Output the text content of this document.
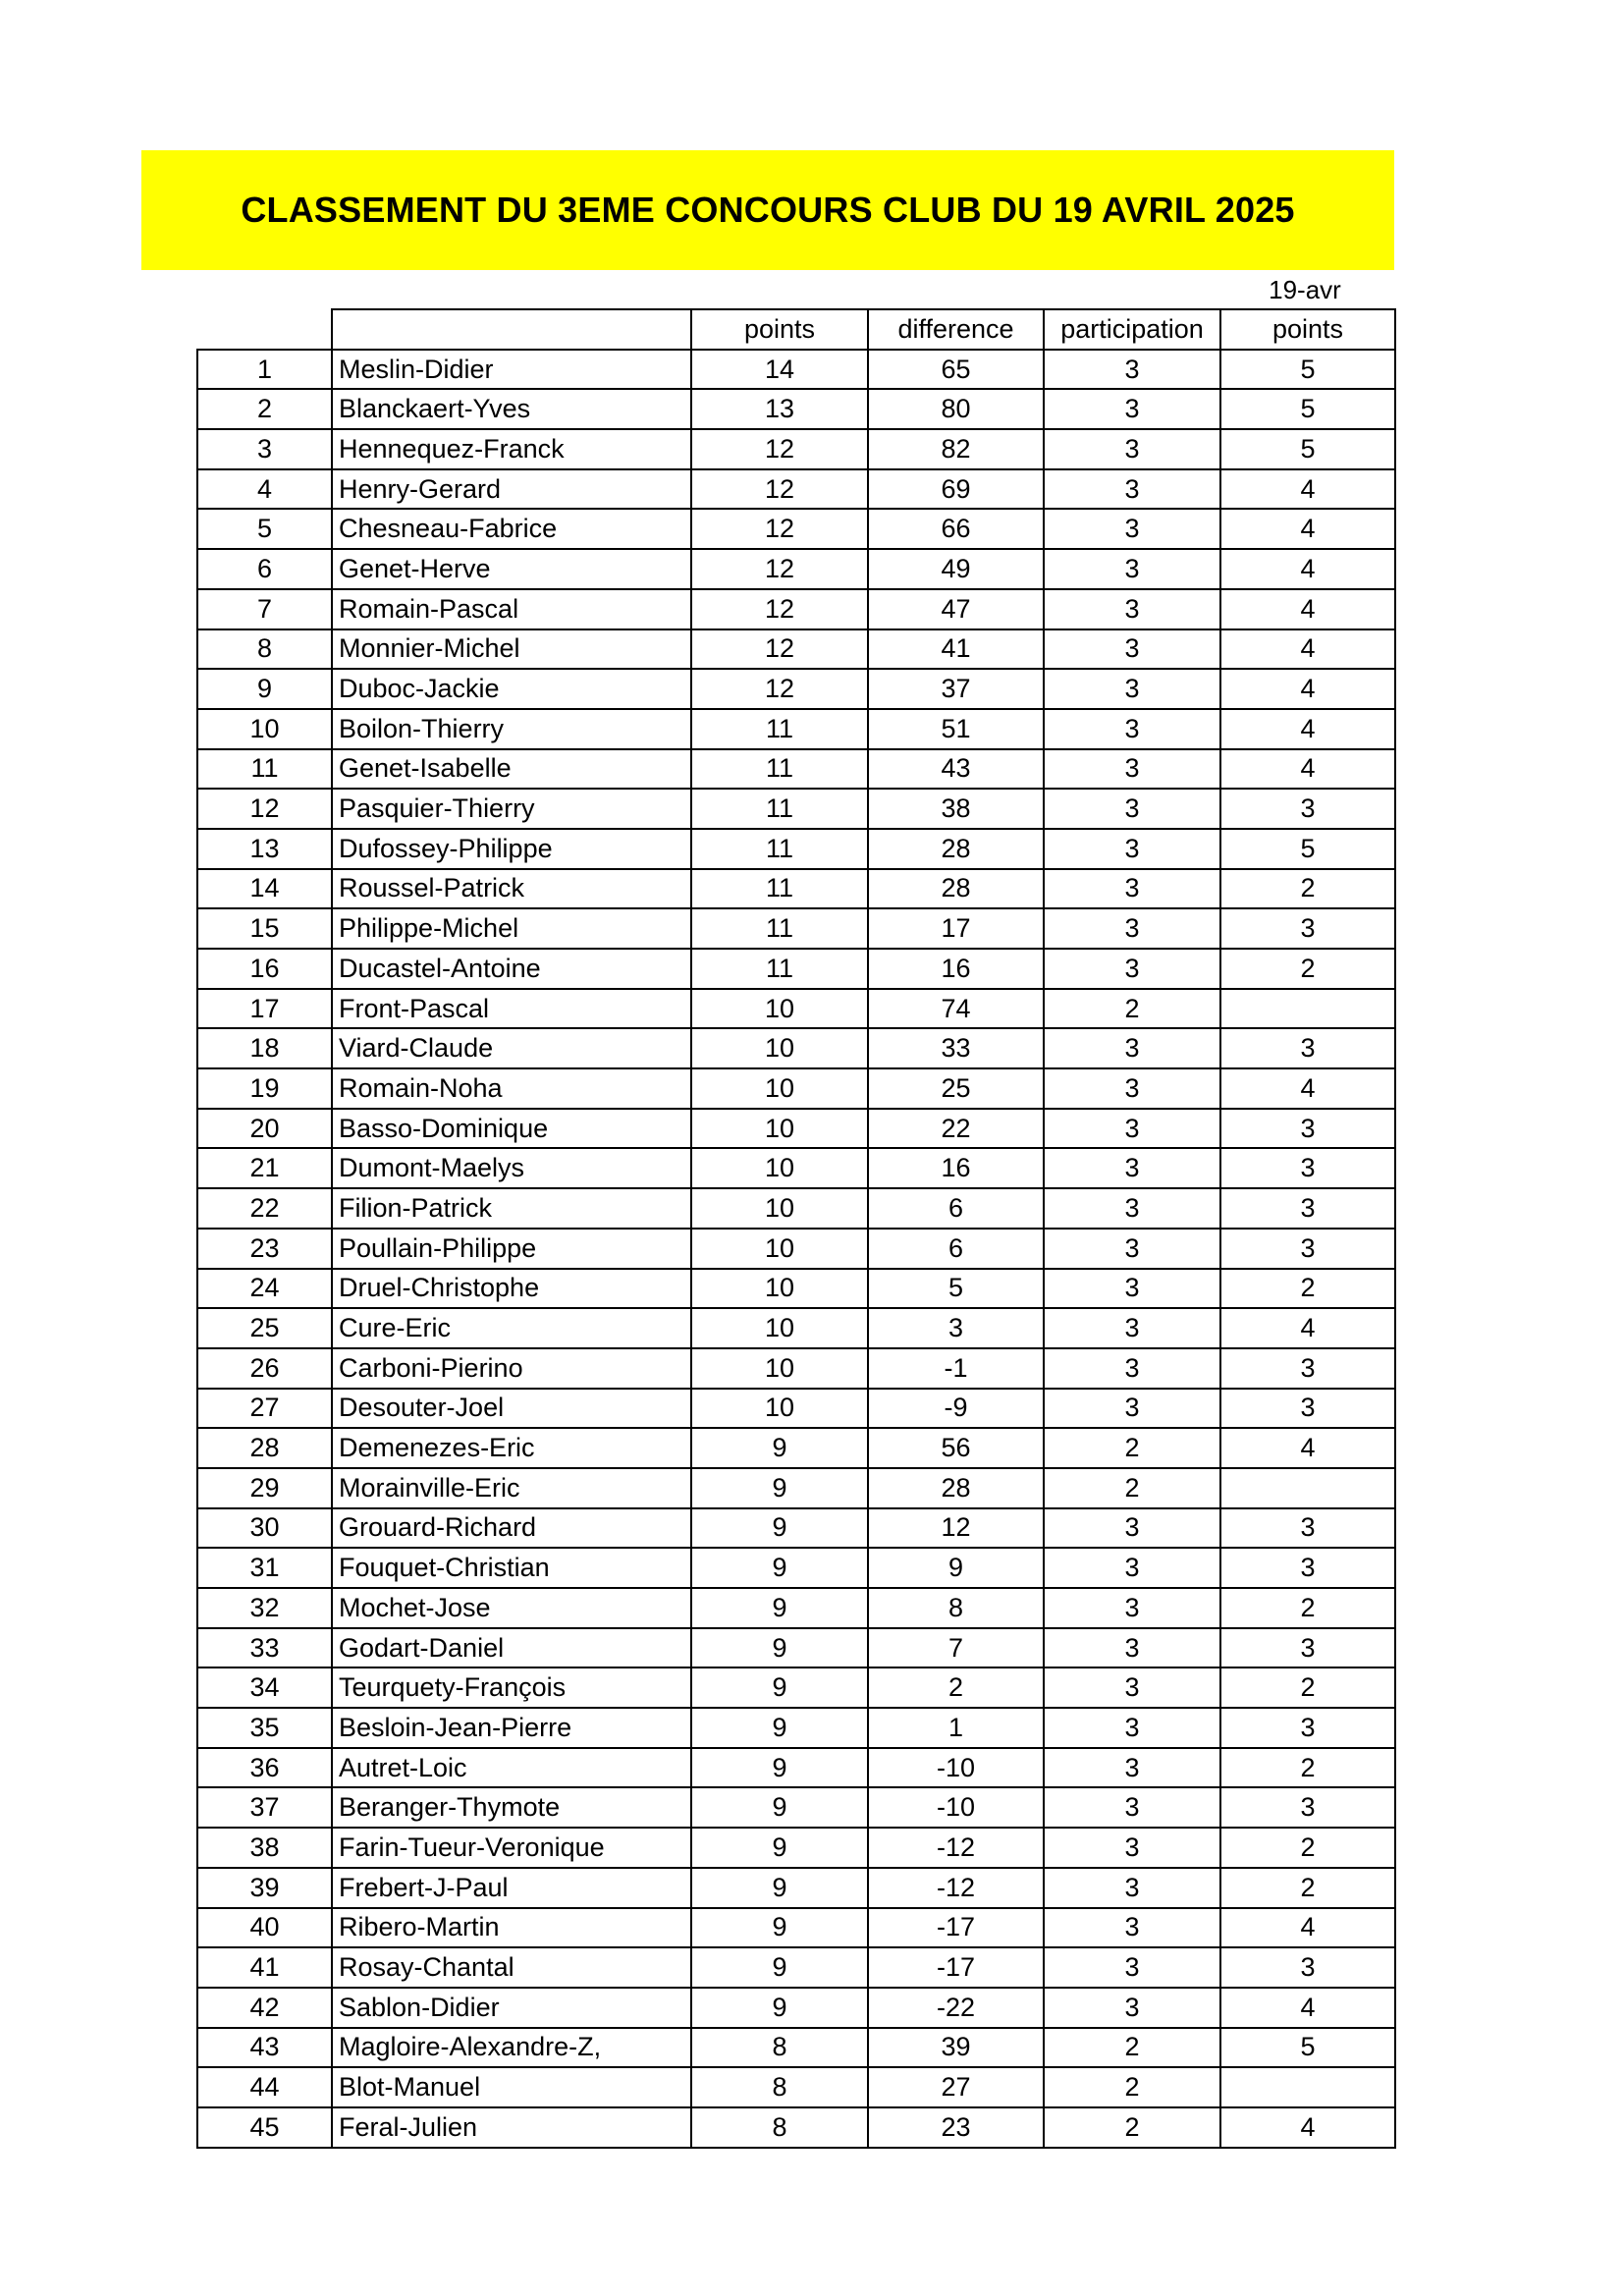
CLASSEMENT DU 3EME CONCOURS CLUB DU 19 AVRIL 2025
19-avr
		points	difference	participation	points
1	Meslin-Didier	14	65	3	5
2	Blanckaert-Yves	13	80	3	5
3	Hennequez-Franck	12	82	3	5
4	Henry-Gerard	12	69	3	4
5	Chesneau-Fabrice	12	66	3	4
6	Genet-Herve	12	49	3	4
7	Romain-Pascal	12	47	3	4
8	Monnier-Michel	12	41	3	4
9	Duboc-Jackie	12	37	3	4
10	Boilon-Thierry	11	51	3	4
11	Genet-Isabelle	11	43	3	4
12	Pasquier-Thierry	11	38	3	3
13	Dufossey-Philippe	11	28	3	5
14	Roussel-Patrick	11	28	3	2
15	Philippe-Michel	11	17	3	3
16	Ducastel-Antoine	11	16	3	2
17	Front-Pascal	10	74	2	
18	Viard-Claude	10	33	3	3
19	Romain-Noha	10	25	3	4
20	Basso-Dominique	10	22	3	3
21	Dumont-Maelys	10	16	3	3
22	Filion-Patrick	10	6	3	3
23	Poullain-Philippe	10	6	3	3
24	Druel-Christophe	10	5	3	2
25	Cure-Eric	10	3	3	4
26	Carboni-Pierino	10	-1	3	3
27	Desouter-Joel	10	-9	3	3
28	Demenezes-Eric	9	56	2	4
29	Morainville-Eric	9	28	2	
30	Grouard-Richard	9	12	3	3
31	Fouquet-Christian	9	9	3	3
32	Mochet-Jose	9	8	3	2
33	Godart-Daniel	9	7	3	3
34	Teurquety-François	9	2	3	2
35	Besloin-Jean-Pierre	9	1	3	3
36	Autret-Loic	9	-10	3	2
37	Beranger-Thymote	9	-10	3	3
38	Farin-Tueur-Veronique	9	-12	3	2
39	Frebert-J-Paul	9	-12	3	2
40	Ribero-Martin	9	-17	3	4
41	Rosay-Chantal	9	-17	3	3
42	Sablon-Didier	9	-22	3	4
43	Magloire-Alexandre-Z,	8	39	2	5
44	Blot-Manuel	8	27	2	
45	Feral-Julien	8	23	2	4
